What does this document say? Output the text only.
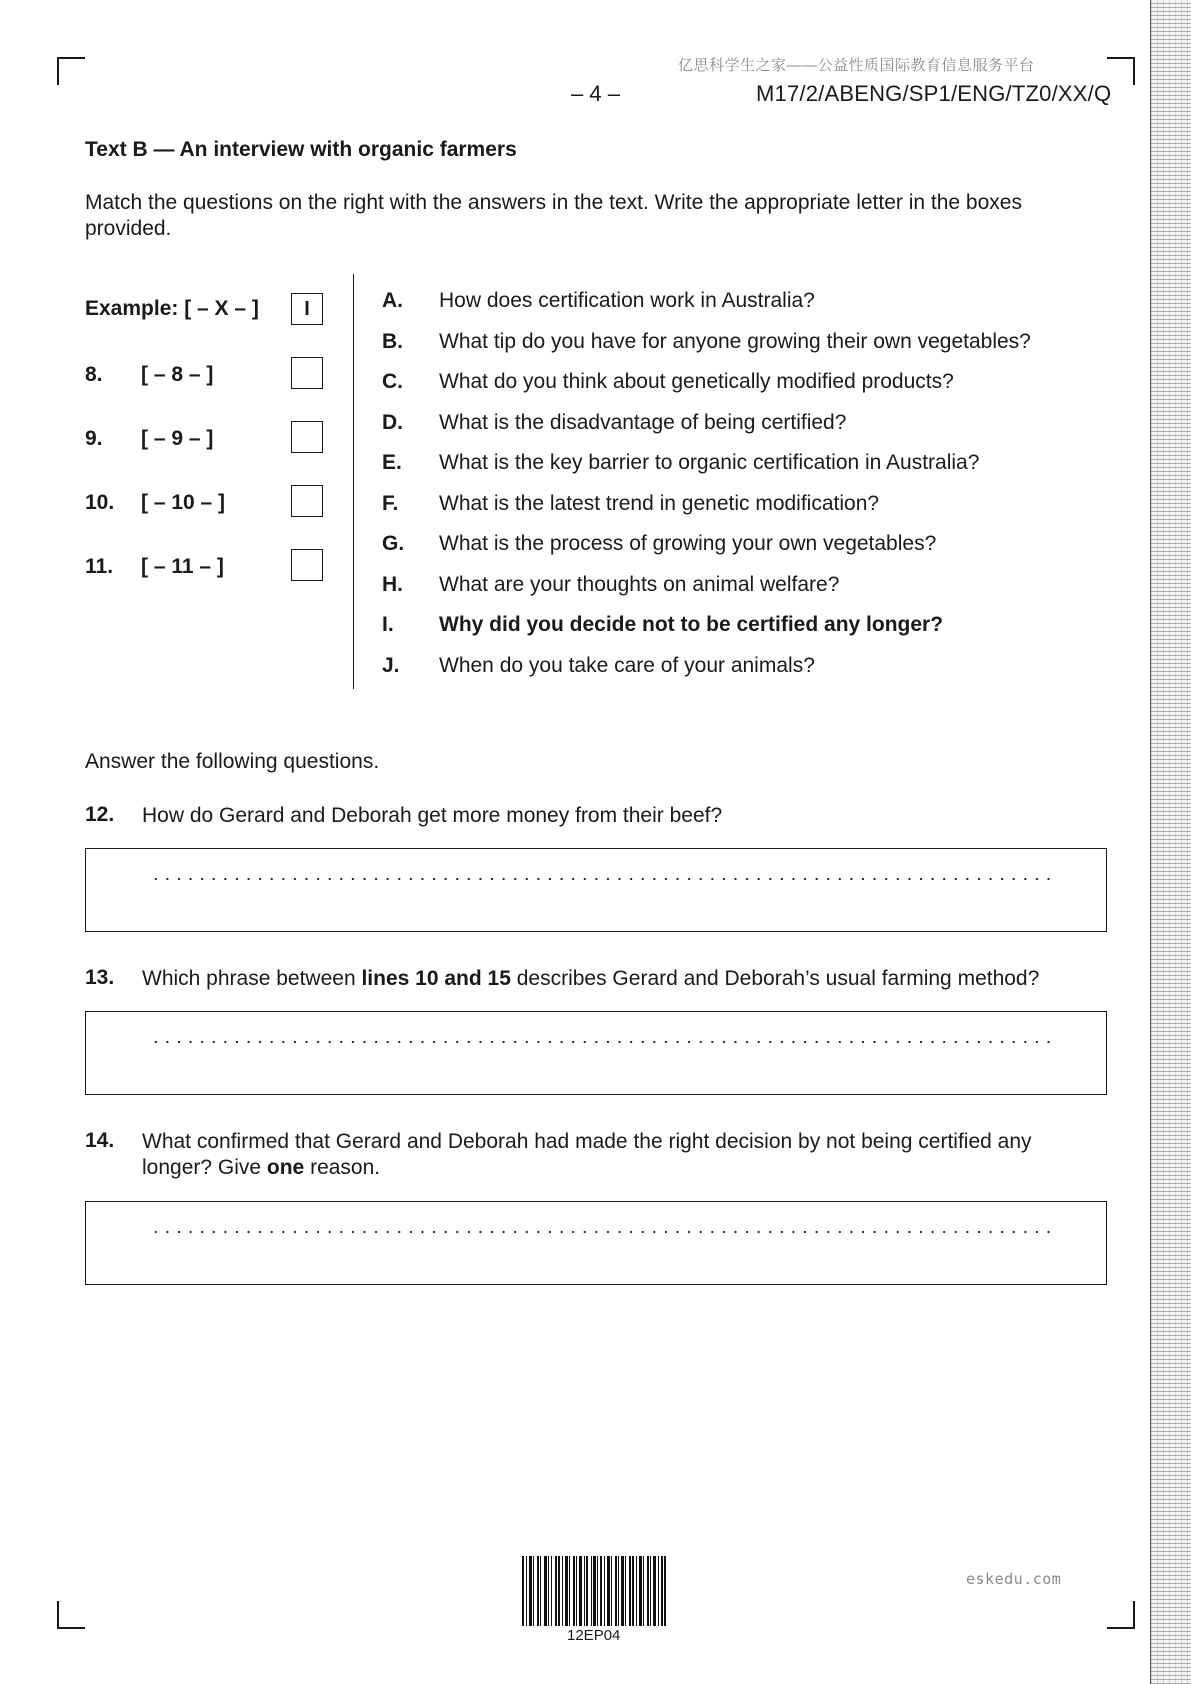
亿思科学生之家——公益性质国际教育信息服务平台
– 4 –	M17/2/ABENG/SP1/ENG/TZ0/XX/Q
Text B — An interview with organic farmers
Match the questions on the right with the answers in the text. Write the appropriate letter in the boxes provided.
Example: [ – X – ]	I
8. [ – 8 – ]
9. [ – 9 – ]
10. [ – 10 – ]
11. [ – 11 – ]
A. How does certification work in Australia?
B. What tip do you have for anyone growing their own vegetables?
C. What do you think about genetically modified products?
D. What is the disadvantage of being certified?
E. What is the key barrier to organic certification in Australia?
F. What is the latest trend in genetic modification?
G. What is the process of growing your own vegetables?
H. What are your thoughts on animal welfare?
I. Why did you decide not to be certified any longer?
J. When do you take care of your animals?
Answer the following questions.
12. How do Gerard and Deborah get more money from their beef?
13. Which phrase between lines 10 and 15 describes Gerard and Deborah’s usual farming method?
14. What confirmed that Gerard and Deborah had made the right decision by not being certified any longer? Give one reason.
12EP04
eskedu.com
